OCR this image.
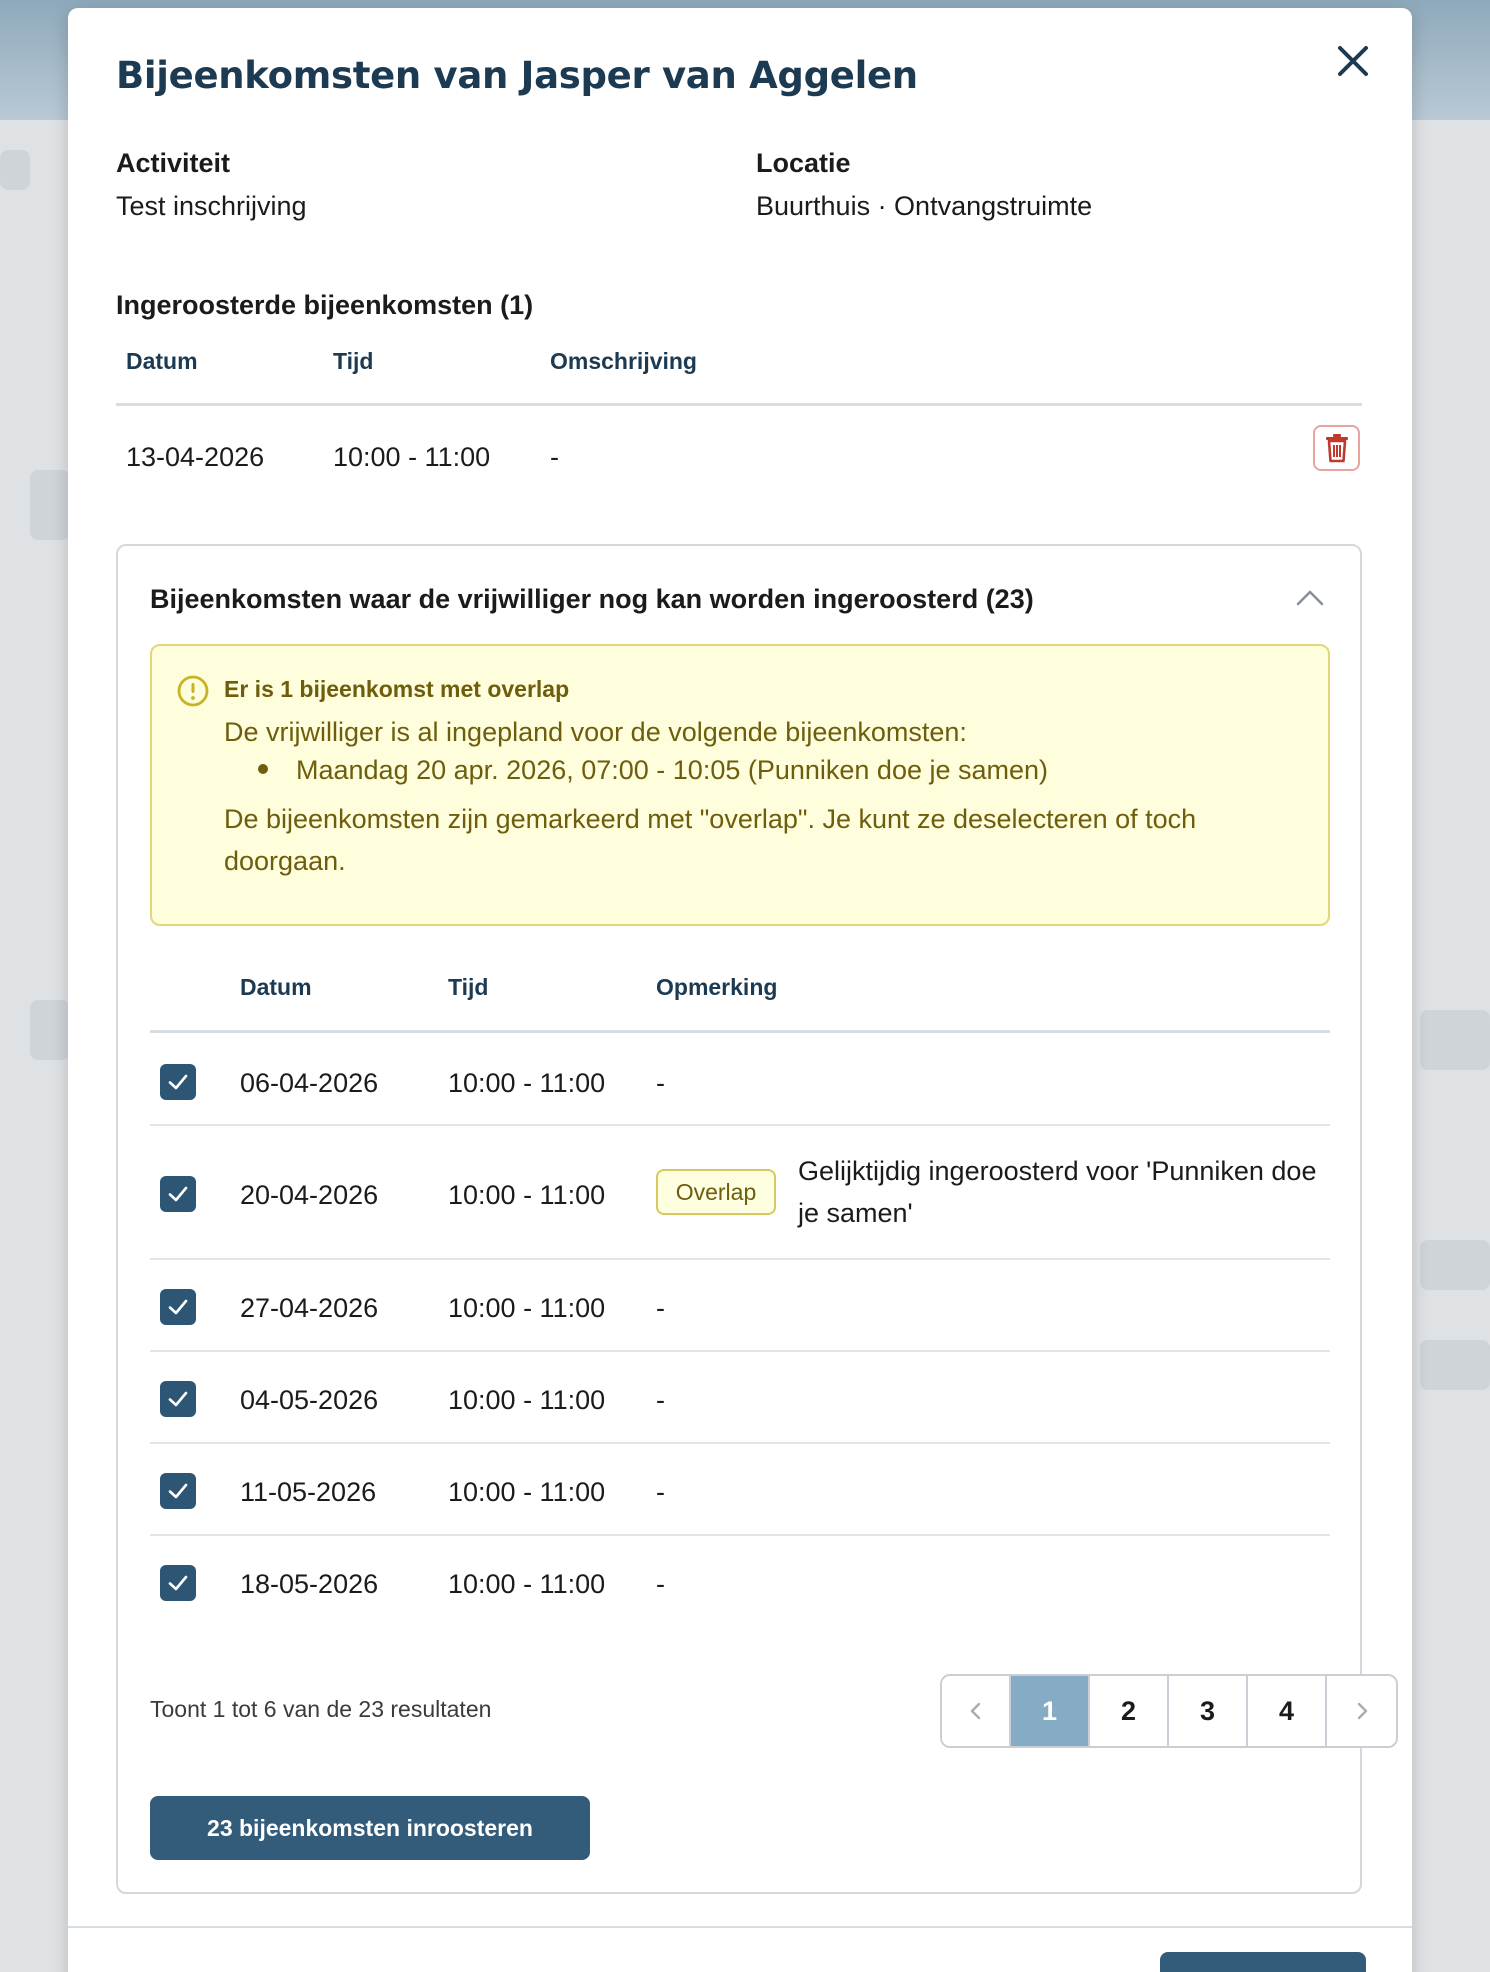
Bijeenkomsten van Jasper van Aggelen
Activiteit
Test inschrijving
Locatie
Buurthuis · Ontvangstruimte
Ingeroosterde bijeenkomsten (1)
Datum	Tijd	Omschrijving
13-04-2026	10:00 - 11:00 -
Bijeenkomsten waar de vrijwilliger nog kan worden ingeroosterd (23)
Er is 1 bijeenkomst met overlap
De vrijwilliger is al ingepland voor de volgende bijeenkomsten:
Maandag 20 apr. 2026, 07:00 - 10:05 (Punniken doe je samen)
De bijeenkomsten zijn gemarkeerd met "overlap". Je kunt ze deselecteren of toch
doorgaan.
Datum	Tijd	Opmerking
06-04-2026	10:00 - 11:00 -
20-04-2026	10:00 - 11:00	Overlap
Gelijktijdig ingeroosterd voor 'Punniken doe je samen'
27-04-2026	10:00 - 11:00 -
04-05-2026	10:00 - 11:00 -
11-05-2026	10:00 - 11:00 -
18-05-2026	10:00 - 11:00 -
Toont 1 tot 6 van de 23 resultaten	1	2	3	4
23 bijeenkomsten inroosteren
